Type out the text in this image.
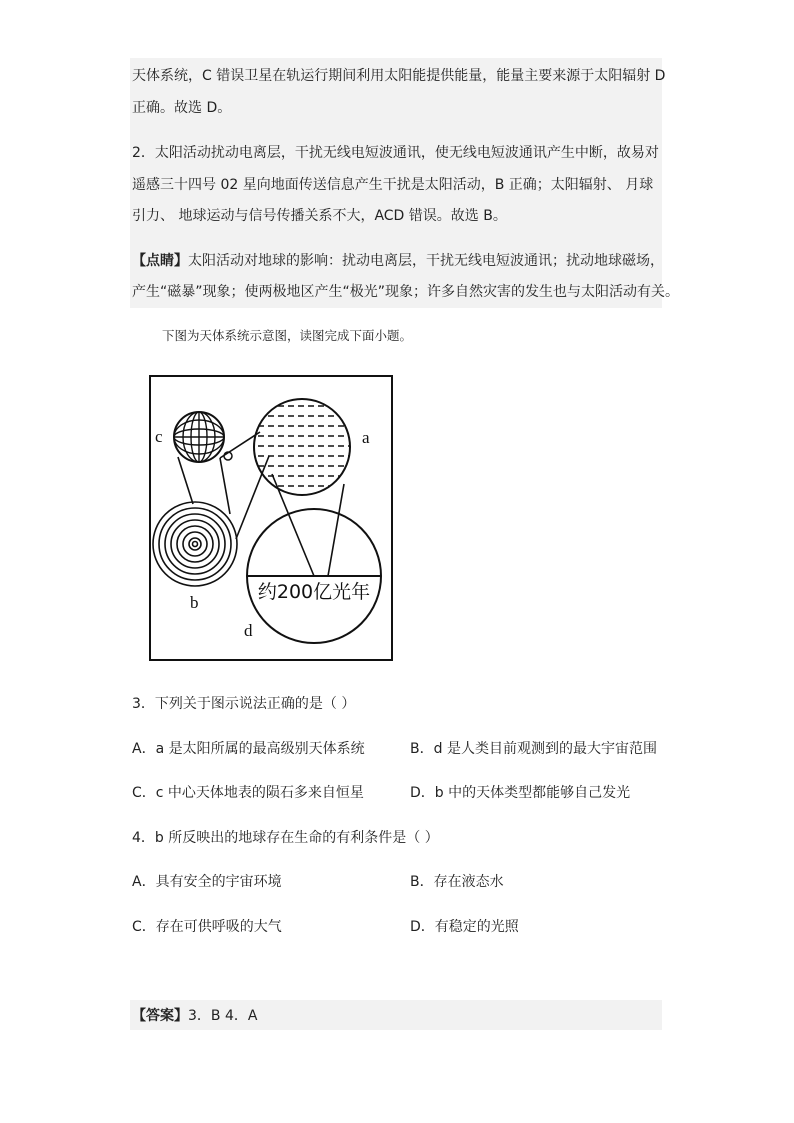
天体系统，C 错误卫星在轨运行期间利用太阳能提供能量，能量主要来源于太阳辐射 D
正确。故选 D。
2．太阳活动扰动电离层，干扰无线电短波通讯，使无线电短波通讯产生中断，故易对
遥感三十四号 02 星向地面传送信息产生干扰是太阳活动，B 正确；太阳辐射、 月球
引力、 地球运动与信号传播关系不大，ACD 错误。故选 B。
【点睛】太阳活动对地球的影响：扰动电离层，干扰无线电短波通讯；扰动地球磁场，
产生“磁暴”现象；使两极地区产生“极光”现象；许多自然灾害的发生也与太阳活动有关。
下图为天体系统示意图，读图完成下面小题。
a
c
b
d
约200亿光年
3．下列关于图示说法正确的是（ ）
A．a 是太阳所属的最高级别天体系统	B．d 是人类目前观测到的最大宇宙范围
C．c 中心天体地表的陨石多来自恒星	D．b 中的天体类型都能够自己发光
4．b 所反映出的地球存在生命的有利条件是（ ）
A．具有安全的宇宙环境	B．存在液态水
C．存在可供呼吸的大气	D．有稳定的光照
【答案】3．B 4．A
